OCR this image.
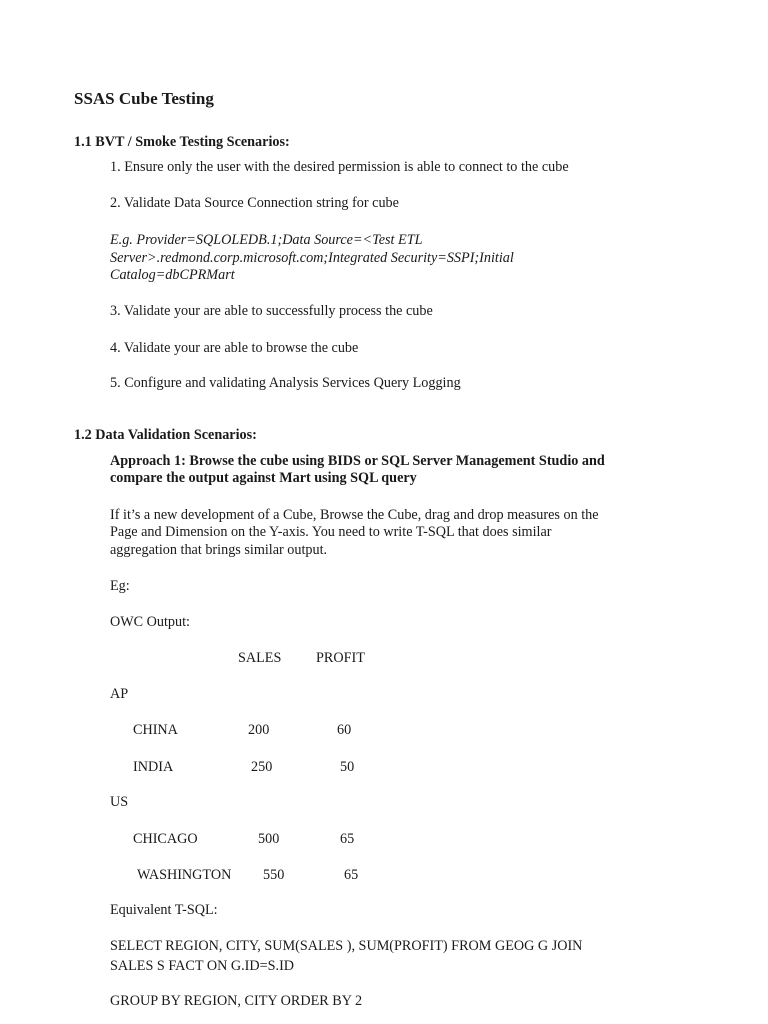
SSAS Cube Testing
1.1 BVT / Smoke Testing Scenarios:
1. Ensure only the user with the desired permission is able to connect to the cube
2. Validate Data Source Connection string for cube
E.g. Provider=SQLOLEDB.1;Data Source=<Test ETL
Server>.redmond.corp.microsoft.com;Integrated Security=SSPI;Initial
Catalog=dbCPRMart
3. Validate your are able to successfully process the cube
4. Validate your are able to browse the cube
5. Configure and validating Analysis Services Query Logging
1.2 Data Validation Scenarios:
Approach 1: Browse the cube using BIDS or SQL Server Management Studio and
compare the output against Mart using SQL query
If it’s a new development of a Cube, Browse the Cube, drag and drop measures on the
Page and Dimension on the Y-axis. You need to write T-SQL that does similar
aggregation that brings similar output.
Eg:
OWC Output:
SALES PROFIT
AP
CHINA	200	60
INDIA	250	50
US
CHICAGO	500	65
WASHINGTON 550	65
Equivalent T-SQL:
SELECT REGION, CITY, SUM(SALES ), SUM(PROFIT) FROM GEOG G JOIN
SALES S FACT ON G.ID=S.ID
GROUP BY REGION, CITY ORDER BY 2
